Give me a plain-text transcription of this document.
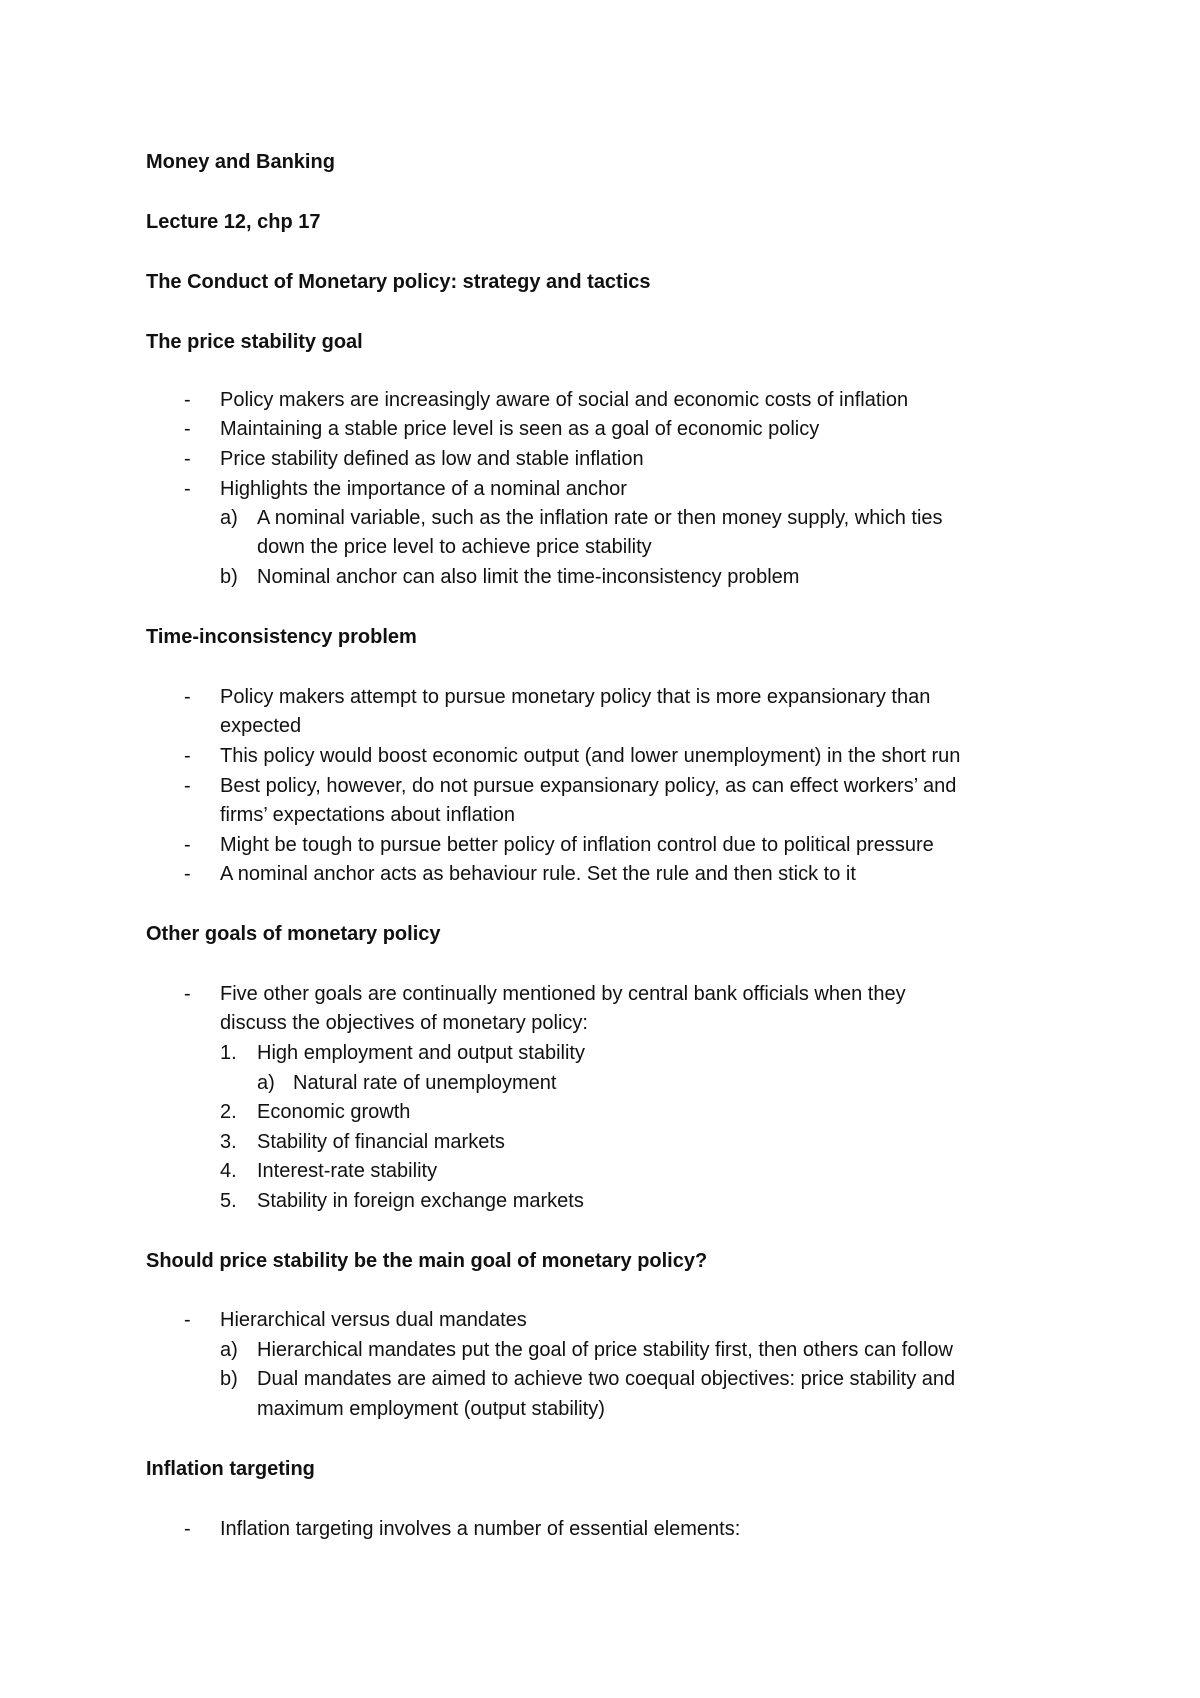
Money and Banking
Lecture 12, chp 17
The Conduct of Monetary policy: strategy and tactics
The price stability goal
- Policy makers are increasingly aware of social and economic costs of inflation
- Maintaining a stable price level is seen as a goal of economic policy
- Price stability defined as low and stable inflation
- Highlights the importance of a nominal anchor
a) A nominal variable, such as the inflation rate or then money supply, which ties
down the price level to achieve price stability
b) Nominal anchor can also limit the time-inconsistency problem
Time-inconsistency problem
- Policy makers attempt to pursue monetary policy that is more expansionary than
expected
- This policy would boost economic output (and lower unemployment) in the short run
- Best policy, however, do not pursue expansionary policy, as can effect workers’ and
firms’ expectations about inflation
- Might be tough to pursue better policy of inflation control due to political pressure
- A nominal anchor acts as behaviour rule. Set the rule and then stick to it
Other goals of monetary policy
- Five other goals are continually mentioned by central bank officials when they
discuss the objectives of monetary policy:
1. High employment and output stability
a) Natural rate of unemployment
2. Economic growth
3. Stability of financial markets
4. Interest-rate stability
5. Stability in foreign exchange markets
Should price stability be the main goal of monetary policy?
- Hierarchical versus dual mandates
a) Hierarchical mandates put the goal of price stability first, then others can follow
b) Dual mandates are aimed to achieve two coequal objectives: price stability and
maximum employment (output stability)
Inflation targeting
- Inflation targeting involves a number of essential elements:
